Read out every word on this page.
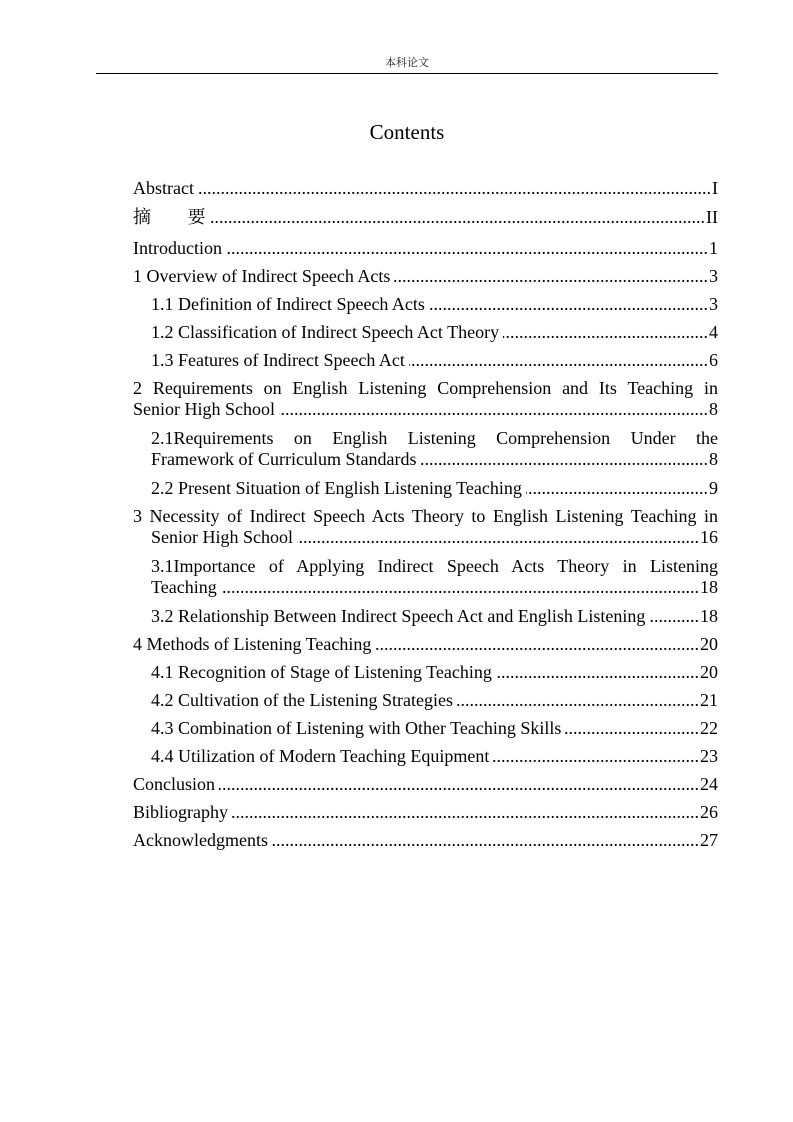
本科论文
Contents
Abstract .....	I
摘 要 .....	II
Introduction .....	1
1 Overview of Indirect Speech Acts .....	3
1.1 Definition of Indirect Speech Acts .....	3
1.2 Classification of Indirect Speech Act Theory .....	4
1.3 Features of Indirect Speech Act .....	6
2 Requirements on English Listening Comprehension and Its Teaching in
Senior High School .....	8
2.1Requirements on English Listening Comprehension Under the
Framework of Curriculum Standards .....	8
2.2 Present Situation of English Listening Teaching .....	9
3 Necessity of Indirect Speech Acts Theory to English Listening Teaching in
Senior High School .....	16
3.1Importance of Applying Indirect Speech Acts Theory in Listening
Teaching .....	18
3.2 Relationship Between Indirect Speech Act and English Listening .....	18
4 Methods of Listening Teaching .....	20
4.1 Recognition of Stage of Listening Teaching .....	20
4.2 Cultivation of the Listening Strategies .....	21
4.3 Combination of Listening with Other Teaching Skills .....	22
4.4 Utilization of Modern Teaching Equipment .....	23
Conclusion .....	24
Bibliography .....	26
Acknowledgments .....	27
